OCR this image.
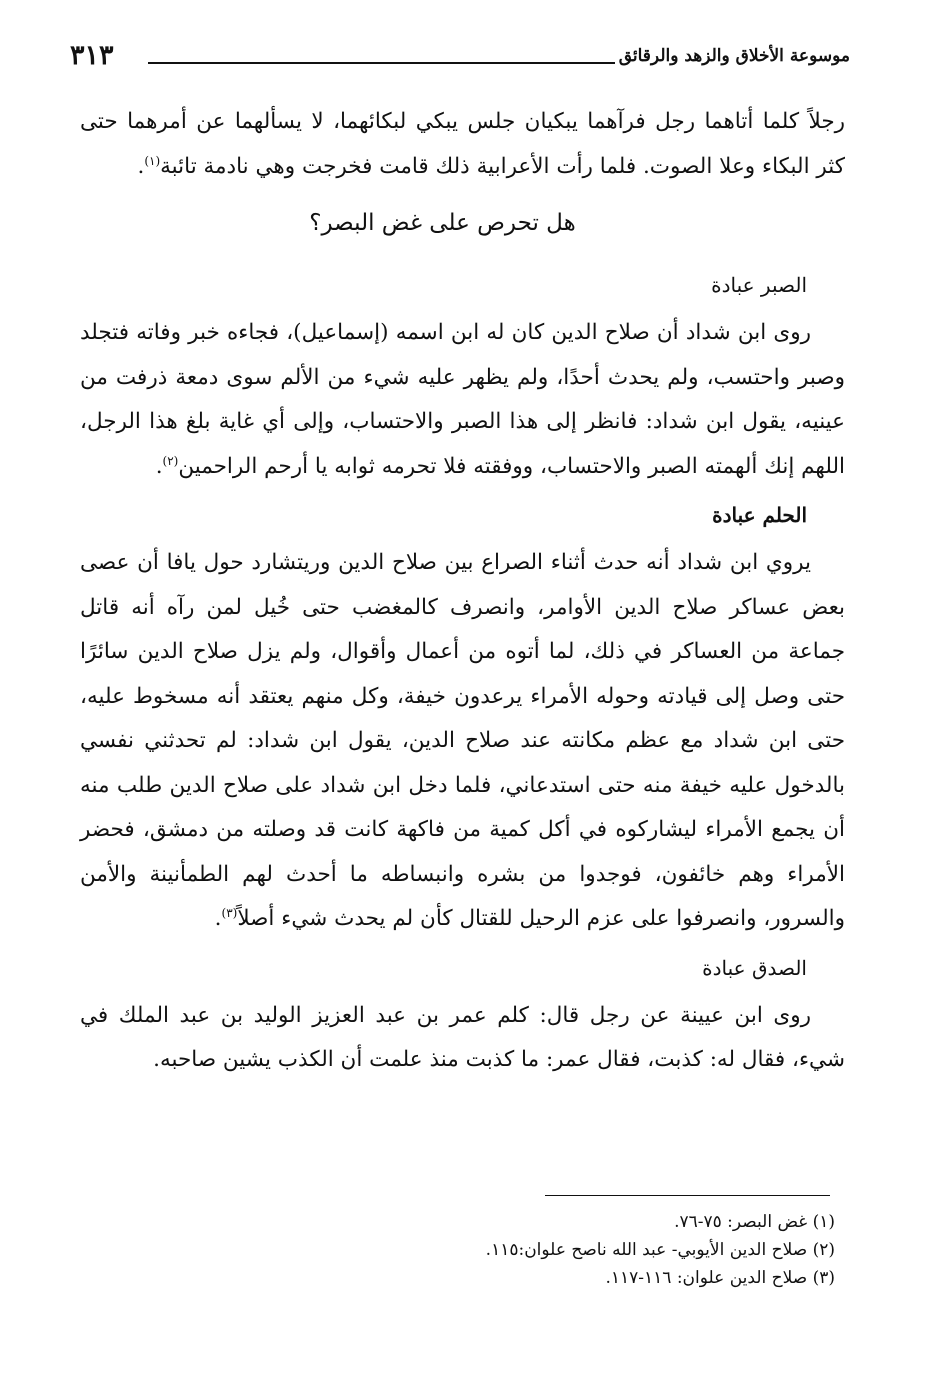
٣١٣	موسوعة الأخلاق والزهد والرقائق

رجلاً كلما أتاهما رجل فرآهما يبكيان جلس يبكي لبكائهما، لا يسألهما عن أمرهما حتى كثر البكاء وعلا الصوت. فلما رأت الأعرابية ذلك قامت فخرجت وهي نادمة تائبة$^{(١)}$.

هل تحرص على غض البصر؟

الصبر عبادة

روى ابن شداد أن صلاح الدين كان له ابن اسمه (إسماعيل)، فجاءه خبر وفاته فتجلد وصبر واحتسب، ولم يحدث أحدًا، ولم يظهر عليه شيء من الألم سوى دمعة ذرفت من عينيه، يقول ابن شداد: فانظر إلى هذا الصبر والاحتساب، وإلى أي غاية بلغ هذا الرجل، اللهم إنك ألهمته الصبر والاحتساب، ووفقته فلا تحرمه ثوابه يا أرحم الراحمين$^{(٢)}$.

الحلم عبادة

يروي ابن شداد أنه حدث أثناء الصراع بين صلاح الدين وريتشارد حول يافا أن عصى بعض عساكر صلاح الدين الأوامر، وانصرف كالمغضب حتى خُيل لمن رآه أنه قاتل جماعة من العساكر في ذلك، لما أتوه من أعمال وأقوال، ولم يزل صلاح الدين سائرًا حتى وصل إلى قيادته وحوله الأمراء يرعدون خيفة، وكل منهم يعتقد أنه مسخوط عليه، حتى ابن شداد مع عظم مكانته عند صلاح الدين، يقول ابن شداد: لم تحدثني نفسي بالدخول عليه خيفة منه حتى استدعاني، فلما دخل ابن شداد على صلاح الدين طلب منه أن يجمع الأمراء ليشاركوه في أكل كمية من فاكهة كانت قد وصلته من دمشق، فحضر الأمراء وهم خائفون، فوجدوا من بشره وانبساطه ما أحدث لهم الطمأنينة والأمن والسرور، وانصرفوا على عزم الرحيل للقتال كأن لم يحدث شيء أصلاً$^{(٣)}$.

الصدق عبادة

روى ابن عيينة عن رجل قال: كلم عمر بن عبد العزيز الوليد بن عبد الملك في شيء، فقال له: كذبت، فقال عمر: ما كذبت منذ علمت أن الكذب يشين صاحبه.

(١) غض البصر: ٧٥-٧٦.

(٢) صلاح الدين الأيوبي- عبد الله ناصح علوان:١١٥.

(٣) صلاح الدين علوان: ١١٦-١١٧.
